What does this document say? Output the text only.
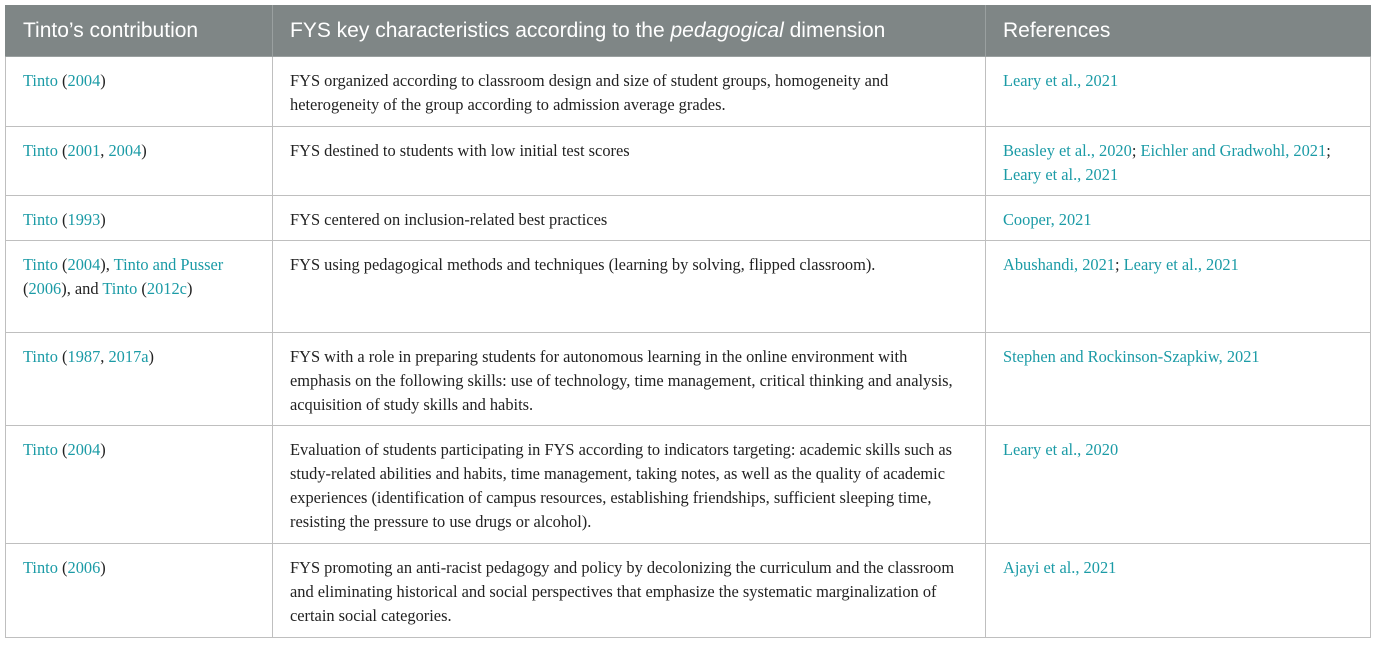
Tinto’s contribution	FYS key characteristics according to the pedagogical dimension	References
Tinto (2004)	FYS organized according to classroom design and size of student groups, homogeneity and heterogeneity of the group according to admission average grades.	Leary et al., 2021
Tinto (2001, 2004)	FYS destined to students with low initial test scores	Beasley et al., 2020; Eichler and Gradwohl, 2021; Leary et al., 2021
Tinto (1993)	FYS centered on inclusion-related best practices	Cooper, 2021
Tinto (2004), Tinto and Pusser (2006), and Tinto (2012c)	FYS using pedagogical methods and techniques (learning by solving, flipped classroom).	Abushandi, 2021; Leary et al., 2021
Tinto (1987, 2017a)	FYS with a role in preparing students for autonomous learning in the online environment with emphasis on the following skills: use of technology, time management, critical thinking and analysis, acquisition of study skills and habits.	Stephen and Rockinson-Szapkiw, 2021
Tinto (2004)	Evaluation of students participating in FYS according to indicators targeting: academic skills such as study-related abilities and habits, time management, taking notes, as well as the quality of academic experiences (identification of campus resources, establishing friendships, sufficient sleeping time, resisting the pressure to use drugs or alcohol).	Leary et al., 2020
Tinto (2006)	FYS promoting an anti-racist pedagogy and policy by decolonizing the curriculum and the classroom and eliminating historical and social perspectives that emphasize the systematic marginalization of certain social categories.	Ajayi et al., 2021
